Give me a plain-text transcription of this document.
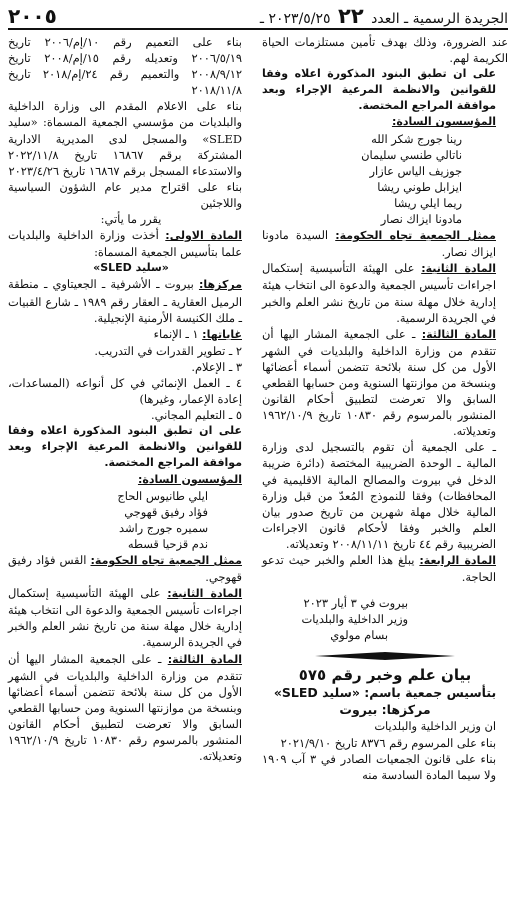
الجريدة الرسمية ـ العدد ٢٢ ٢٠٢٣/٥/٢٥ ـ
٢٠٠٥

عند الضرورة، وذلك بهدف تأمين مستلزمات الحياة الكريمة لهم.

على ان تطبق البنود المذكورة اعلاه وفقا للقوانين والانظمة المرعية الإجراء وبعد موافقة المراجع المختصة.

المؤسسون السادة:

رينا جورج شكر الله

ناتالي طنسي سليمان

جوزيف الياس عازار

ايزابل طوني ريشا

ريما ايلي ريشا

مادونا ايزاك نصار

ممثل الجمعية تجاه الحكومة: السيدة مادونا ايزاك نصار.

المادة الثانية: على الهيئة التأسيسية إستكمال اجراءات تأسيس الجمعية والدعوة الى انتخاب هيئة إدارية خلال مهلة سنة من تاريخ نشر العلم والخبر في الجريدة الرسمية.

المادة الثالثة: ـ على الجمعية المشار اليها أن تتقدم من وزارة الداخلية والبلديات في الشهر الأول من كل سنة بلائحة تتضمن أسماء أعضائها وبنسخة من موازنتها السنوية ومن حسابها القطعي السابق والا تعرضت لتطبيق أحكام القانون المنشور بالمرسوم رقم ١٠٨٣٠ تاريخ ١٩٦٢/١٠/٩ وتعديلاته.

ـ على الجمعية أن تقوم بالتسجيل لدى وزارة المالية ـ الوحدة الضريبية المختصة (دائرة ضريبة الدخل في بيروت والمصالح المالية الاقليمية في المحافظات) وفقا للنموذج المُعدّ من قبل وزارة المالية خلال مهلة شهرين من تاريخ صدور بيان العلم والخبر وفقا لأحكام قانون الاجراءات الضريبية رقم ٤٤ تاريخ ٢٠٠٨/١١/١١ وتعديلاته.

المادة الرابعة: يبلغ هذا العلم والخبر حيث تدعو الحاجة.

بيروت في ٣ أيار ٢٠٢٣

وزير الداخلية والبلديات

بسام مولوي

بيان علم وخبر رقم ٥٧٥

بتأسيس جمعية باسم: «سليد SLED»

مركزها: بيروت

ان وزير الداخلية والبلديات

بناء على المرسوم رقم ٨٣٧٦ تاريخ ٢٠٢١/٩/١٠

بناء على قانون الجمعيات الصادر في ٣ آب ١٩٠٩ ولا سيما المادة السادسة منه

بناء على التعميم رقم ١٠/إم/٢٠٠٦ تاريخ ٢٠٠٦/٥/١٩ وتعديله رقم ١٥/إم/٢٠٠٨ تاريخ ٢٠٠٨/٩/١٢ والتعميم رقم ٢٤/إم/٢٠١٨ تاريخ ٢٠١٨/١١/٨

بناء على الاعلام المقدم الى وزارة الداخلية والبلديات من مؤسسي الجمعية المسماة: «سليد SLED» والمسجل لدى المديرية الادارية المشتركة برقم ١٦٨٦٧ تاريخ ٢٠٢٢/١١/٨ والاستدعاء المسجل برقم ١٦٨٦٧ تاريخ ٢٠٢٣/٤/٢٦

بناء على اقتراح مدير عام الشؤون السياسية واللاجئين

يقرر ما يأتي:

المادة الاولى: أخذت وزارة الداخلية والبلديات علما بتأسيس الجمعية المسماة:

«سليد SLED»

مركزها: بيروت ـ الأشرفية ـ الجعيتاوي ـ منطقة الرميل العقارية ـ العقار رقم ١٩٨٩ ـ شارع القبيات ـ ملك الكنيسة الأرمنية الإنجيلية.

غاياتها: ١ ـ الإنماء

٢ ـ تطوير القدرات في التدريب.

٣ ـ الإعلام.

٤ ـ العمل الإنمائي في كل أنواعه (المساعدات، إعادة الإعمار، وغيرها)

٥ ـ التعليم المجاني.

على ان تطبق البنود المذكورة اعلاه وفقا للقوانين والانظمة المرعية الإجراء وبعد موافقة المراجع المختصة.

المؤسسون السادة:

ايلي طانيوس الحاج

فؤاد رفيق قهوجي

سميره جورج راشد

ندم قزحيا قسطه

ممثل الجمعية تجاه الحكومة: القس فؤاد رفيق قهوجي.

المادة الثانية: على الهيئة التأسيسية إستكمال اجراءات تأسيس الجمعية والدعوة الى انتخاب هيئة إدارية خلال مهلة سنة من تاريخ نشر العلم والخبر في الجريدة الرسمية.

المادة الثالثة: ـ على الجمعية المشار اليها أن تتقدم من وزارة الداخلية والبلديات في الشهر الأول من كل سنة بلائحة تتضمن أسماء أعضائها وبنسخة من موازنتها السنوية ومن حسابها القطعي السابق والا تعرضت لتطبيق أحكام القانون المنشور بالمرسوم رقم ١٠٨٣٠ تاريخ ١٩٦٢/١٠/٩ وتعديلاته.
